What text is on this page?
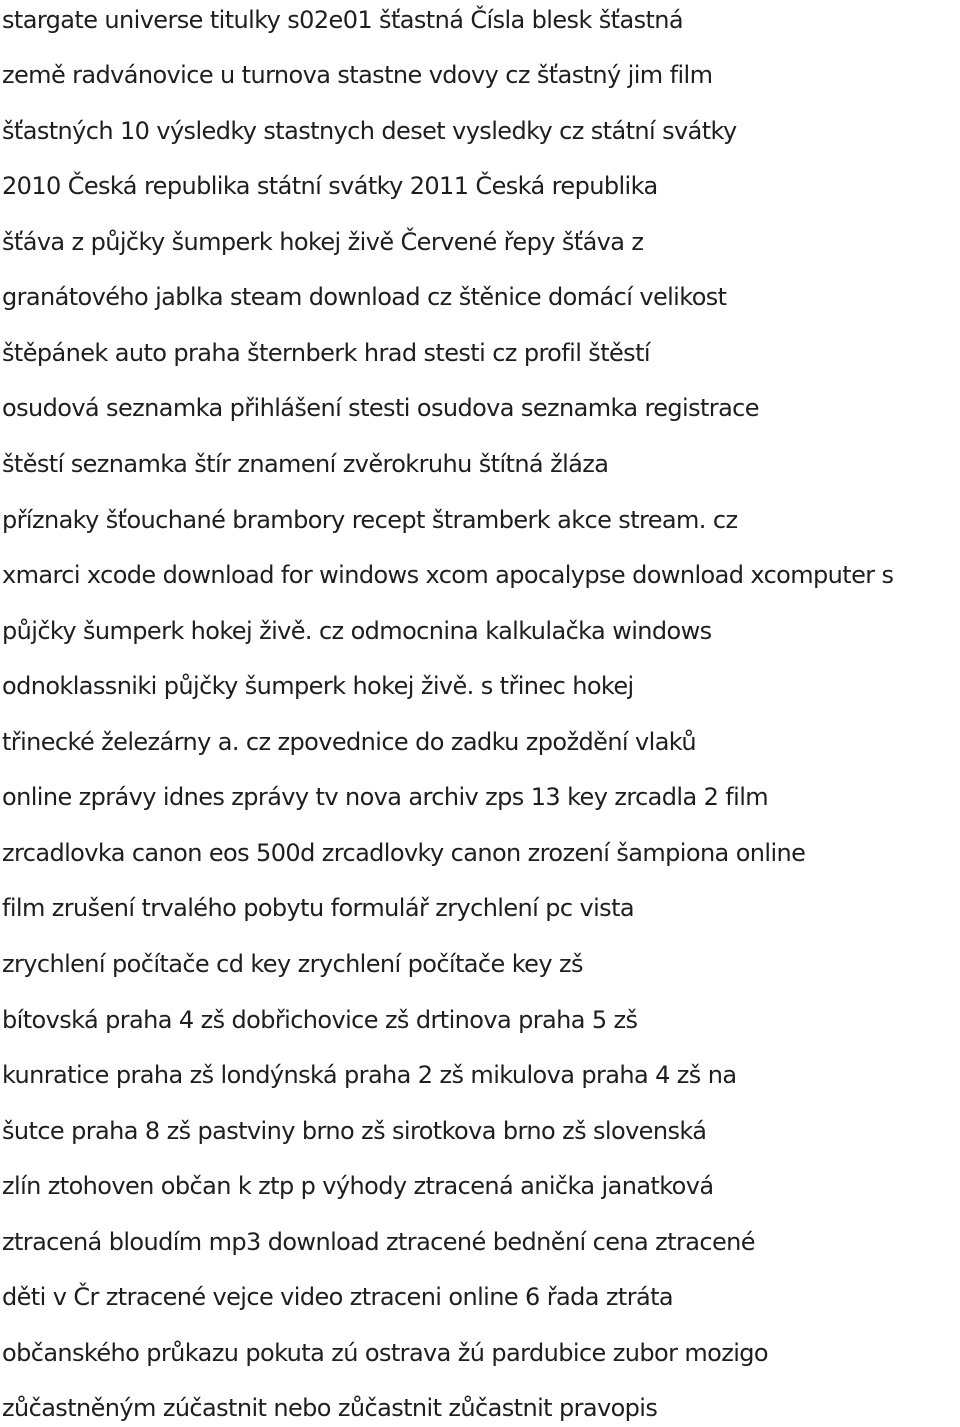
stargate universe titulky s02e01 šťastná Čísla blesk šťastná
země radvánovice u turnova stastne vdovy cz šťastný jim film
šťastných 10 výsledky stastnych deset vysledky cz státní svátky
2010 Česká republika státní svátky 2011 Česká republika
šťáva z půjčky šumperk hokej živě Červené řepy šťáva z
granátového jablka steam download cz štěnice domácí velikost
štěpánek auto praha šternberk hrad stesti cz profil štěstí
osudová seznamka přihlášení stesti osudova seznamka registrace
štěstí seznamka štír znamení zvěrokruhu štítná žláza
příznaky šťouchané brambory recept štramberk akce stream. cz
xmarci xcode download for windows xcom apocalypse download xcomputer s
půjčky šumperk hokej živě. cz odmocnina kalkulačka windows
odnoklassniki půjčky šumperk hokej živě. s třinec hokej
třinecké železárny a. cz zpovednice do zadku zpoždění vlaků
online zprávy idnes zprávy tv nova archiv zps 13 key zrcadla 2 film
zrcadlovka canon eos 500d zrcadlovky canon zrození šampiona online
film zrušení trvalého pobytu formulář zrychlení pc vista
zrychlení počítače cd key zrychlení počítače key zš
bítovská praha 4 zš dobřichovice zš drtinova praha 5 zš
kunratice praha zš londýnská praha 2 zš mikulova praha 4 zš na
šutce praha 8 zš pastviny brno zš sirotkova brno zš slovenská
zlín ztohoven občan k ztp p výhody ztracená anička janatková
ztracená bloudím mp3 download ztracené bednění cena ztracené
děti v Čr ztracené vejce video ztraceni online 6 řada ztráta
občanského průkazu pokuta zú ostrava žú pardubice zubor mozigo
zůčastněným zúčastnit nebo zůčastnit zůčastnit pravopis
